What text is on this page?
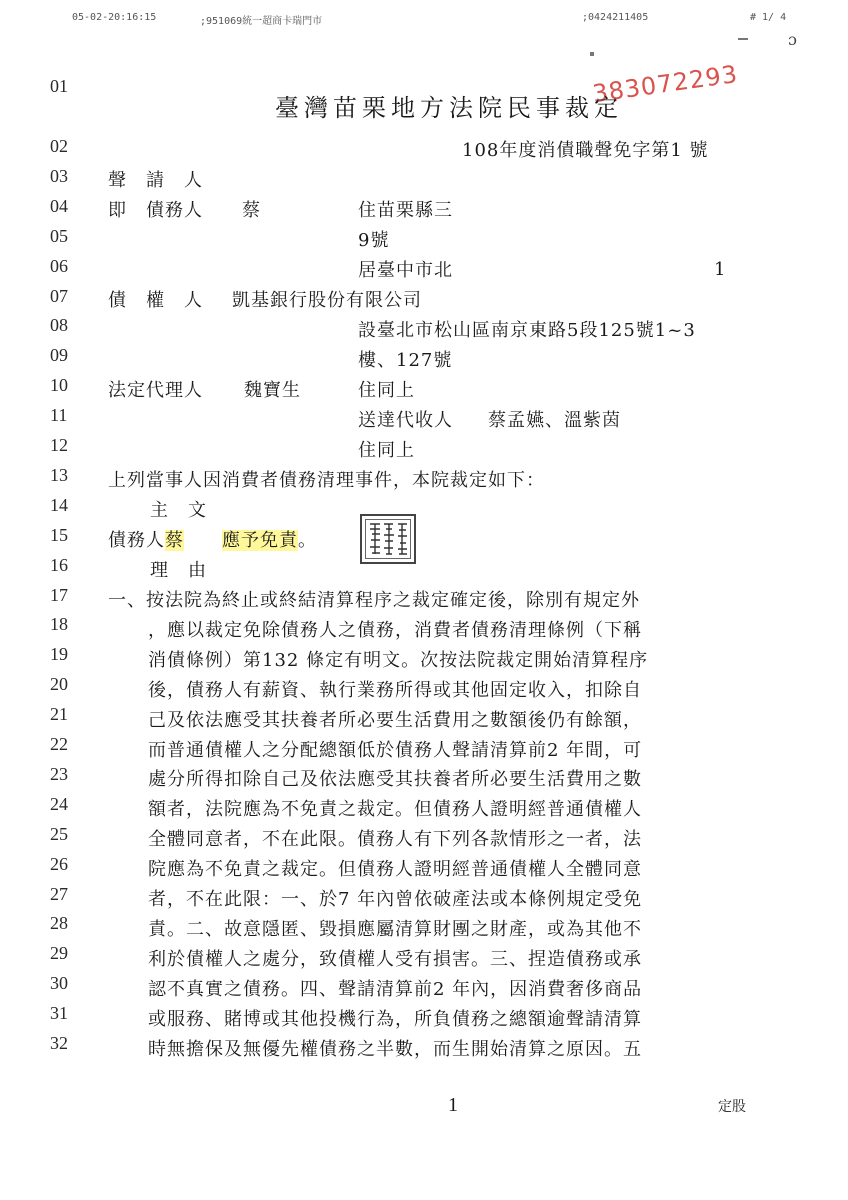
05-02-20:16:15	;951069統一超商卡瑞門市	;0424211405	# 1/ 4
ɔ
383072293
臺灣苗栗地方法院民事裁定
108年度消債職聲免字第1 號
01
02
03
04
05
06
07
08
09
10
11
12
13
14
15
16
17
18
19
20
21
22
23
24
25
26
27
28
29
30
31
32
聲　請　人
即　債務人 蔡	住苗栗縣三
9號
居臺中市北	1
債　權　人 凱基銀行股份有限公司
設臺北市松山區南京東路5段125號1~3
樓、127號
法定代理人 魏寶生	住同上
送達代收人 蔡孟嬿、溫紫茵
住同上
上列當事人因消費者債務清理事件，本院裁定如下：
主　文
債務人蔡 應予免責。
理　由
一、按法院為終止或終結清算程序之裁定確定後，除別有規定外
，應以裁定免除債務人之債務，消費者債務清理條例（下稱
消債條例）第132 條定有明文。次按法院裁定開始清算程序
後，債務人有薪資、執行業務所得或其他固定收入，扣除自
己及依法應受其扶養者所必要生活費用之數額後仍有餘額，
而普通債權人之分配總額低於債務人聲請清算前2 年間，可
處分所得扣除自己及依法應受其扶養者所必要生活費用之數
額者，法院應為不免責之裁定。但債務人證明經普通債權人
全體同意者，不在此限。債務人有下列各款情形之一者，法
院應為不免責之裁定。但債務人證明經普通債權人全體同意
者，不在此限：一、於7 年內曾依破產法或本條例規定受免
責。二、故意隱匿、毀損應屬清算財團之財產，或為其他不
利於債權人之處分，致債權人受有損害。三、捏造債務或承
認不真實之債務。四、聲請清算前2 年內，因消費奢侈商品
或服務、賭博或其他投機行為，所負債務之總額逾聲請清算
時無擔保及無優先權債務之半數，而生開始清算之原因。五
1	定股
